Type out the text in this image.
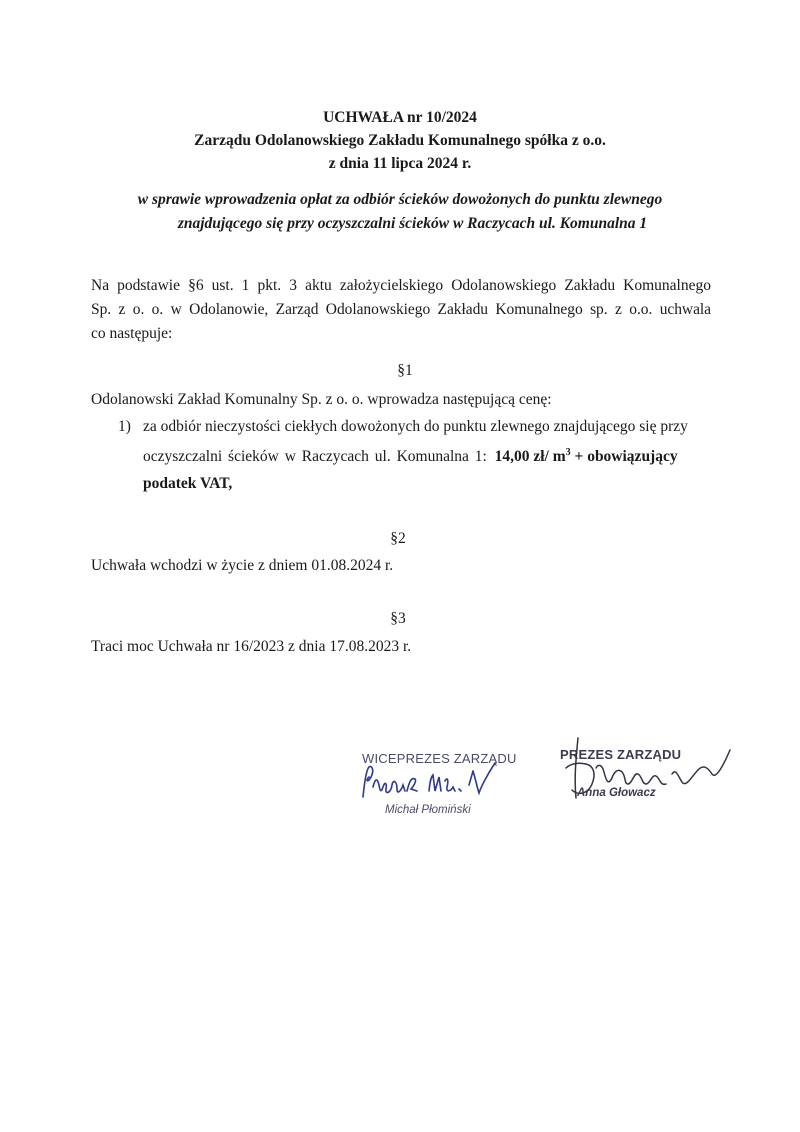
UCHWAŁA nr 10/2024
Zarządu Odolanowskiego Zakładu Komunalnego spółka z o.o.
z dnia 11 lipca 2024 r.
w sprawie wprowadzenia opłat za odbiór ścieków dowożonych do punktu zlewnego
znajdującego się przy oczyszczalni ścieków w Raczycach ul. Komunalna 1
Na podstawie §6 ust. 1 pkt. 3 aktu założycielskiego Odolanowskiego Zakładu Komunalnego
Sp. z o. o. w Odolanowie, Zarząd Odolanowskiego Zakładu Komunalnego sp. z o.o. uchwala
co następuje:
§1
Odolanowski Zakład Komunalny Sp. z o. o. wprowadza następującą cenę:
1) za odbiór nieczystości ciekłych dowożonych do punktu zlewnego znajdującego się przy
oczyszczalni ścieków w Raczycach ul. Komunalna 1: 14,00 zł/ $m^3$ + obowiązujący
podatek VAT,
§2
Uchwała wchodzi w życie z dniem 01.08.2024 r.
§3
Traci moc Uchwała nr 16/2023 z dnia 17.08.2023 r.
WICEPREZES ZARZĄDU
Michał Płomiński
PREZES ZARZĄDU
Anna Głowacz
